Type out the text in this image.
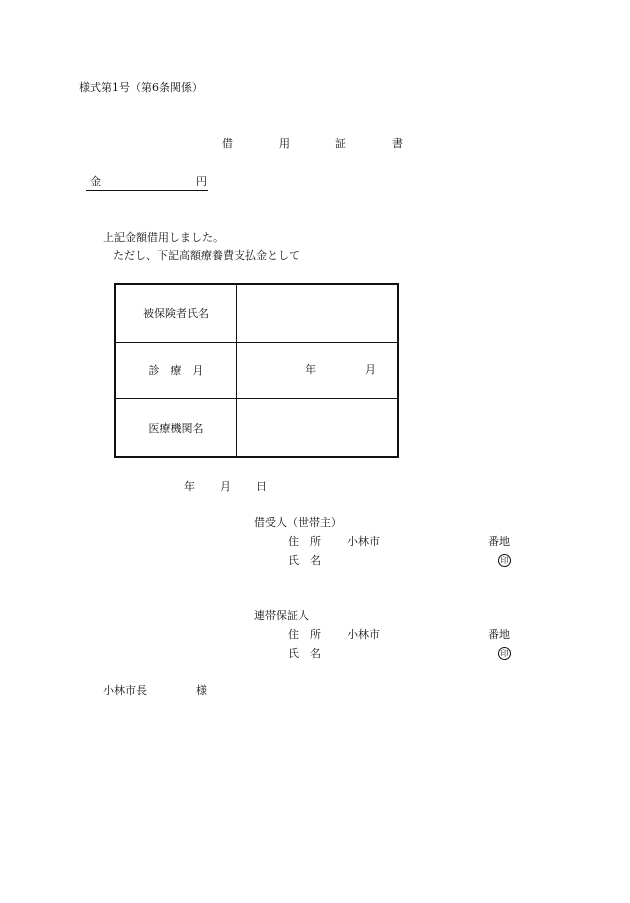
様式第1号（第6条関係）
借	用	証	書
金	円
上記金額借用しました。
ただし、下記高額療養費支払金として
被保険者氏名	
診　療　月	年 月

医療機関名	
年 月 日
借受人（世帯主）
住　所 小林市	番地
氏　名	印
連帯保証人
住　所 小林市	番地
氏　名	印
小林市長	様
